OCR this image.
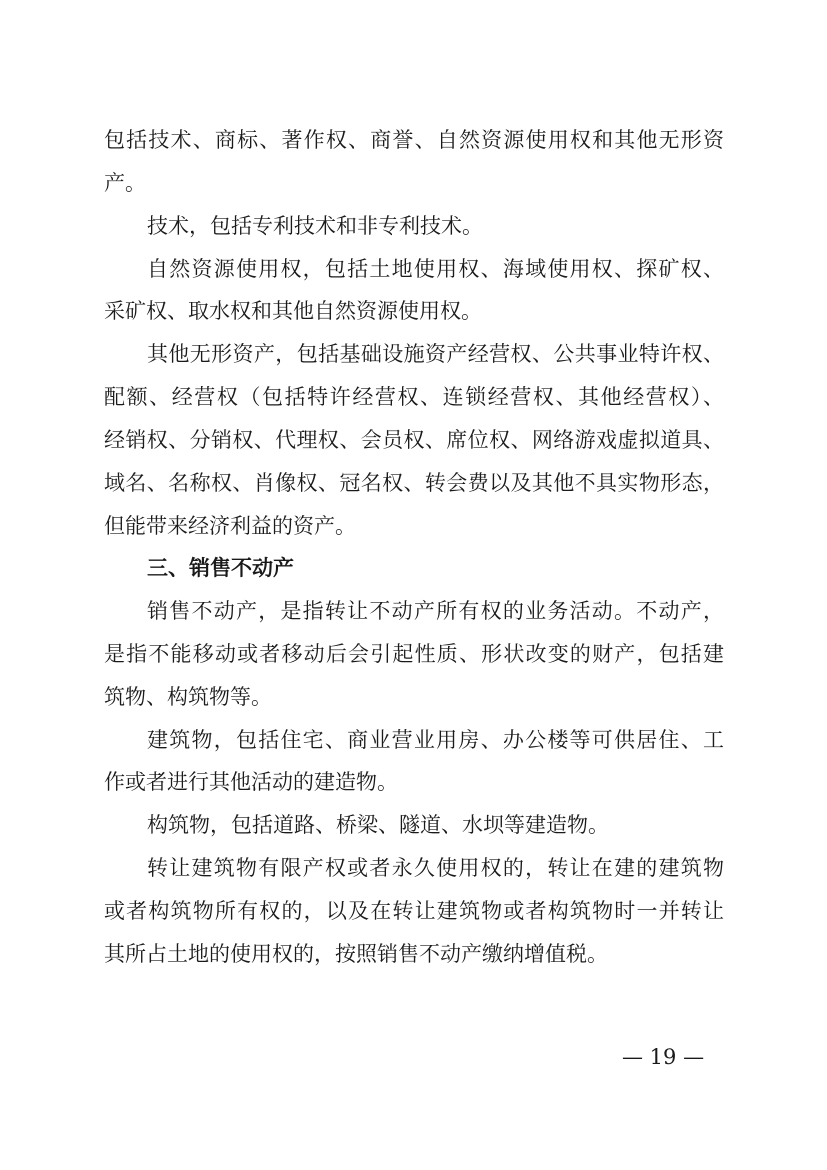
包括技术、商标、著作权、商誉、自然资源使用权和其他无形资
产。
技术，包括专利技术和非专利技术。
自然资源使用权，包括土地使用权、海域使用权、探矿权、
采矿权、取水权和其他自然资源使用权。
其他无形资产，包括基础设施资产经营权、公共事业特许权、
配额、经营权（包括特许经营权、连锁经营权、其他经营权）、
经销权、分销权、代理权、会员权、席位权、网络游戏虚拟道具、
域名、名称权、肖像权、冠名权、转会费以及其他不具实物形态，
但能带来经济利益的资产。
三、销售不动产
销售不动产，是指转让不动产所有权的业务活动。不动产，
是指不能移动或者移动后会引起性质、形状改变的财产，包括建
筑物、构筑物等。
建筑物，包括住宅、商业营业用房、办公楼等可供居住、工
作或者进行其他活动的建造物。
构筑物，包括道路、桥梁、隧道、水坝等建造物。
转让建筑物有限产权或者永久使用权的，转让在建的建筑物
或者构筑物所有权的，以及在转让建筑物或者构筑物时一并转让
其所占土地的使用权的，按照销售不动产缴纳增值税。
— 19 —
